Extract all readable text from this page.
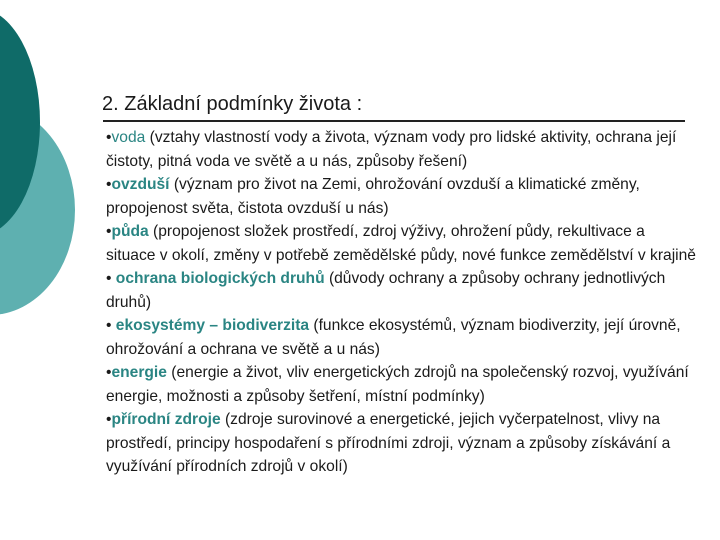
2. Základní podmínky života :
•voda (vztahy vlastností vody a života, význam vody pro lidské aktivity, ochrana její čistoty, pitná voda ve světě a u nás, způsoby řešení)
•ovzduší (význam pro život na Zemi, ohrožování ovzduší a klimatické změny, propojenost světa, čistota ovzduší u nás)
•půda (propojenost složek prostředí, zdroj výživy, ohrožení půdy, rekultivace a situace v okolí, změny v potřebě zemědělské půdy, nové funkce zemědělství v krajině
• ochrana biologických druhů (důvody ochrany a způsoby ochrany jednotlivých druhů)
• ekosystémy – biodiverzita (funkce ekosystémů, význam biodiverzity, její úrovně, ohrožování a ochrana ve světě a u nás)
•energie (energie a život, vliv energetických zdrojů na společenský rozvoj, využívání energie, možnosti a způsoby šetření, místní podmínky)
•přírodní zdroje (zdroje surovinové a energetické, jejich vyčerpatelnost, vlivy na prostředí, principy hospodaření s přírodními zdroji, význam a způsoby získávání a využívání přírodních zdrojů v okolí)
